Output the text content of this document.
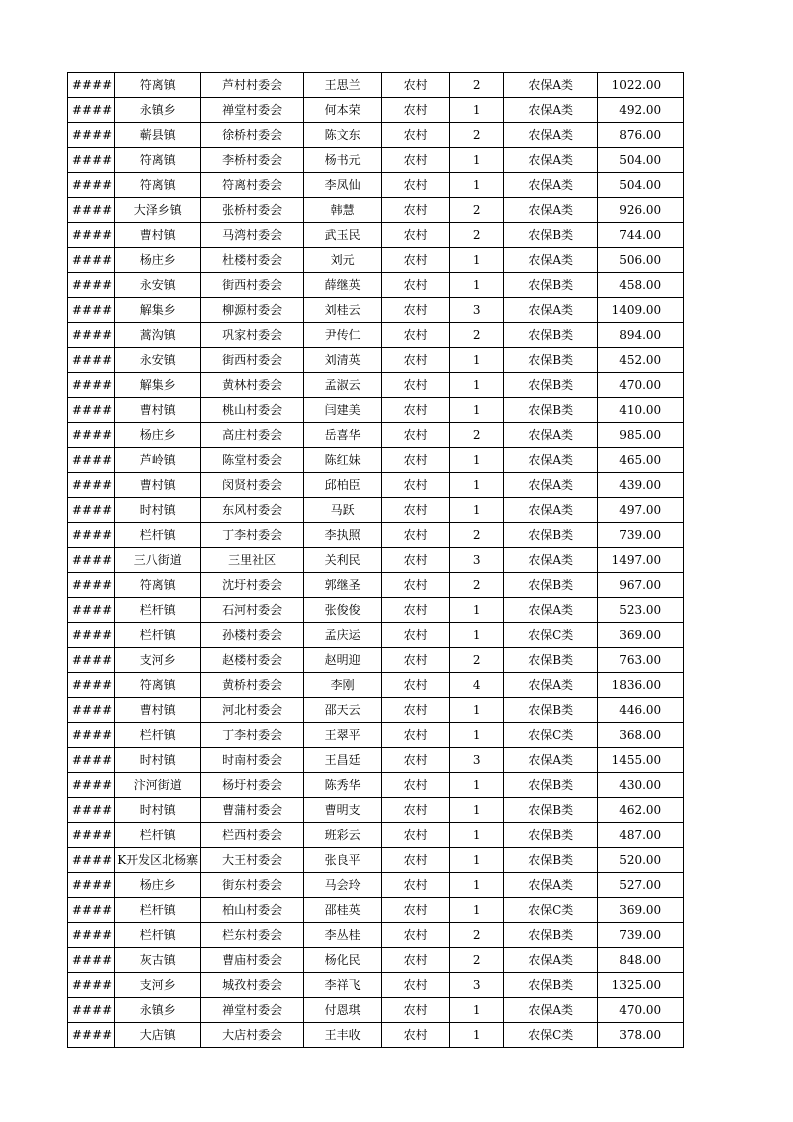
####	符离镇	芦村村委会	王思兰	农村	2	农保A类	1022.00
####	永镇乡	禅堂村委会	何本荣	农村	1	农保A类	492.00
####	蕲县镇	徐桥村委会	陈文东	农村	2	农保A类	876.00
####	符离镇	李桥村委会	杨书元	农村	1	农保A类	504.00
####	符离镇	符离村委会	李凤仙	农村	1	农保A类	504.00
####	大泽乡镇	张桥村委会	韩慧	农村	2	农保A类	926.00
####	曹村镇	马湾村委会	武玉民	农村	2	农保B类	744.00
####	杨庄乡	杜楼村委会	刘元	农村	1	农保A类	506.00
####	永安镇	街西村委会	薛继英	农村	1	农保B类	458.00
####	解集乡	柳源村委会	刘桂云	农村	3	农保A类	1409.00
####	蒿沟镇	巩家村委会	尹传仁	农村	2	农保B类	894.00
####	永安镇	街西村委会	刘清英	农村	1	农保B类	452.00
####	解集乡	黄林村委会	孟淑云	农村	1	农保B类	470.00
####	曹村镇	桃山村委会	闫建美	农村	1	农保B类	410.00
####	杨庄乡	高庄村委会	岳喜华	农村	2	农保A类	985.00
####	芦岭镇	陈堂村委会	陈红妹	农村	1	农保A类	465.00
####	曹村镇	闵贤村委会	邱柏臣	农村	1	农保A类	439.00
####	时村镇	东风村委会	马跃	农村	1	农保A类	497.00
####	栏杆镇	丁李村委会	李执照	农村	2	农保B类	739.00
####	三八街道	三里社区	关利民	农村	3	农保A类	1497.00
####	符离镇	沈圩村委会	郭继圣	农村	2	农保B类	967.00
####	栏杆镇	石河村委会	张俊俊	农村	1	农保A类	523.00
####	栏杆镇	孙楼村委会	孟庆运	农村	1	农保C类	369.00
####	支河乡	赵楼村委会	赵明迎	农村	2	农保B类	763.00
####	符离镇	黄桥村委会	李刚	农村	4	农保A类	1836.00
####	曹村镇	河北村委会	邵天云	农村	1	农保B类	446.00
####	栏杆镇	丁李村委会	王翠平	农村	1	农保C类	368.00
####	时村镇	时南村委会	王昌廷	农村	3	农保A类	1455.00
####	汴河街道	杨圩村委会	陈秀华	农村	1	农保B类	430.00
####	时村镇	曹蒲村委会	曹明支	农村	1	农保B类	462.00
####	栏杆镇	栏西村委会	班彩云	农村	1	农保B类	487.00
####	K开发区北杨寨	大王村委会	张良平	农村	1	农保B类	520.00
####	杨庄乡	街东村委会	马会玲	农村	1	农保A类	527.00
####	栏杆镇	柏山村委会	邵桂英	农村	1	农保C类	369.00
####	栏杆镇	栏东村委会	李丛桂	农村	2	农保B类	739.00
####	灰古镇	曹庙村委会	杨化民	农村	2	农保A类	848.00
####	支河乡	城孜村委会	李祥飞	农村	3	农保B类	1325.00
####	永镇乡	禅堂村委会	付恩琪	农村	1	农保A类	470.00
####	大店镇	大店村委会	王丰收	农村	1	农保C类	378.00
